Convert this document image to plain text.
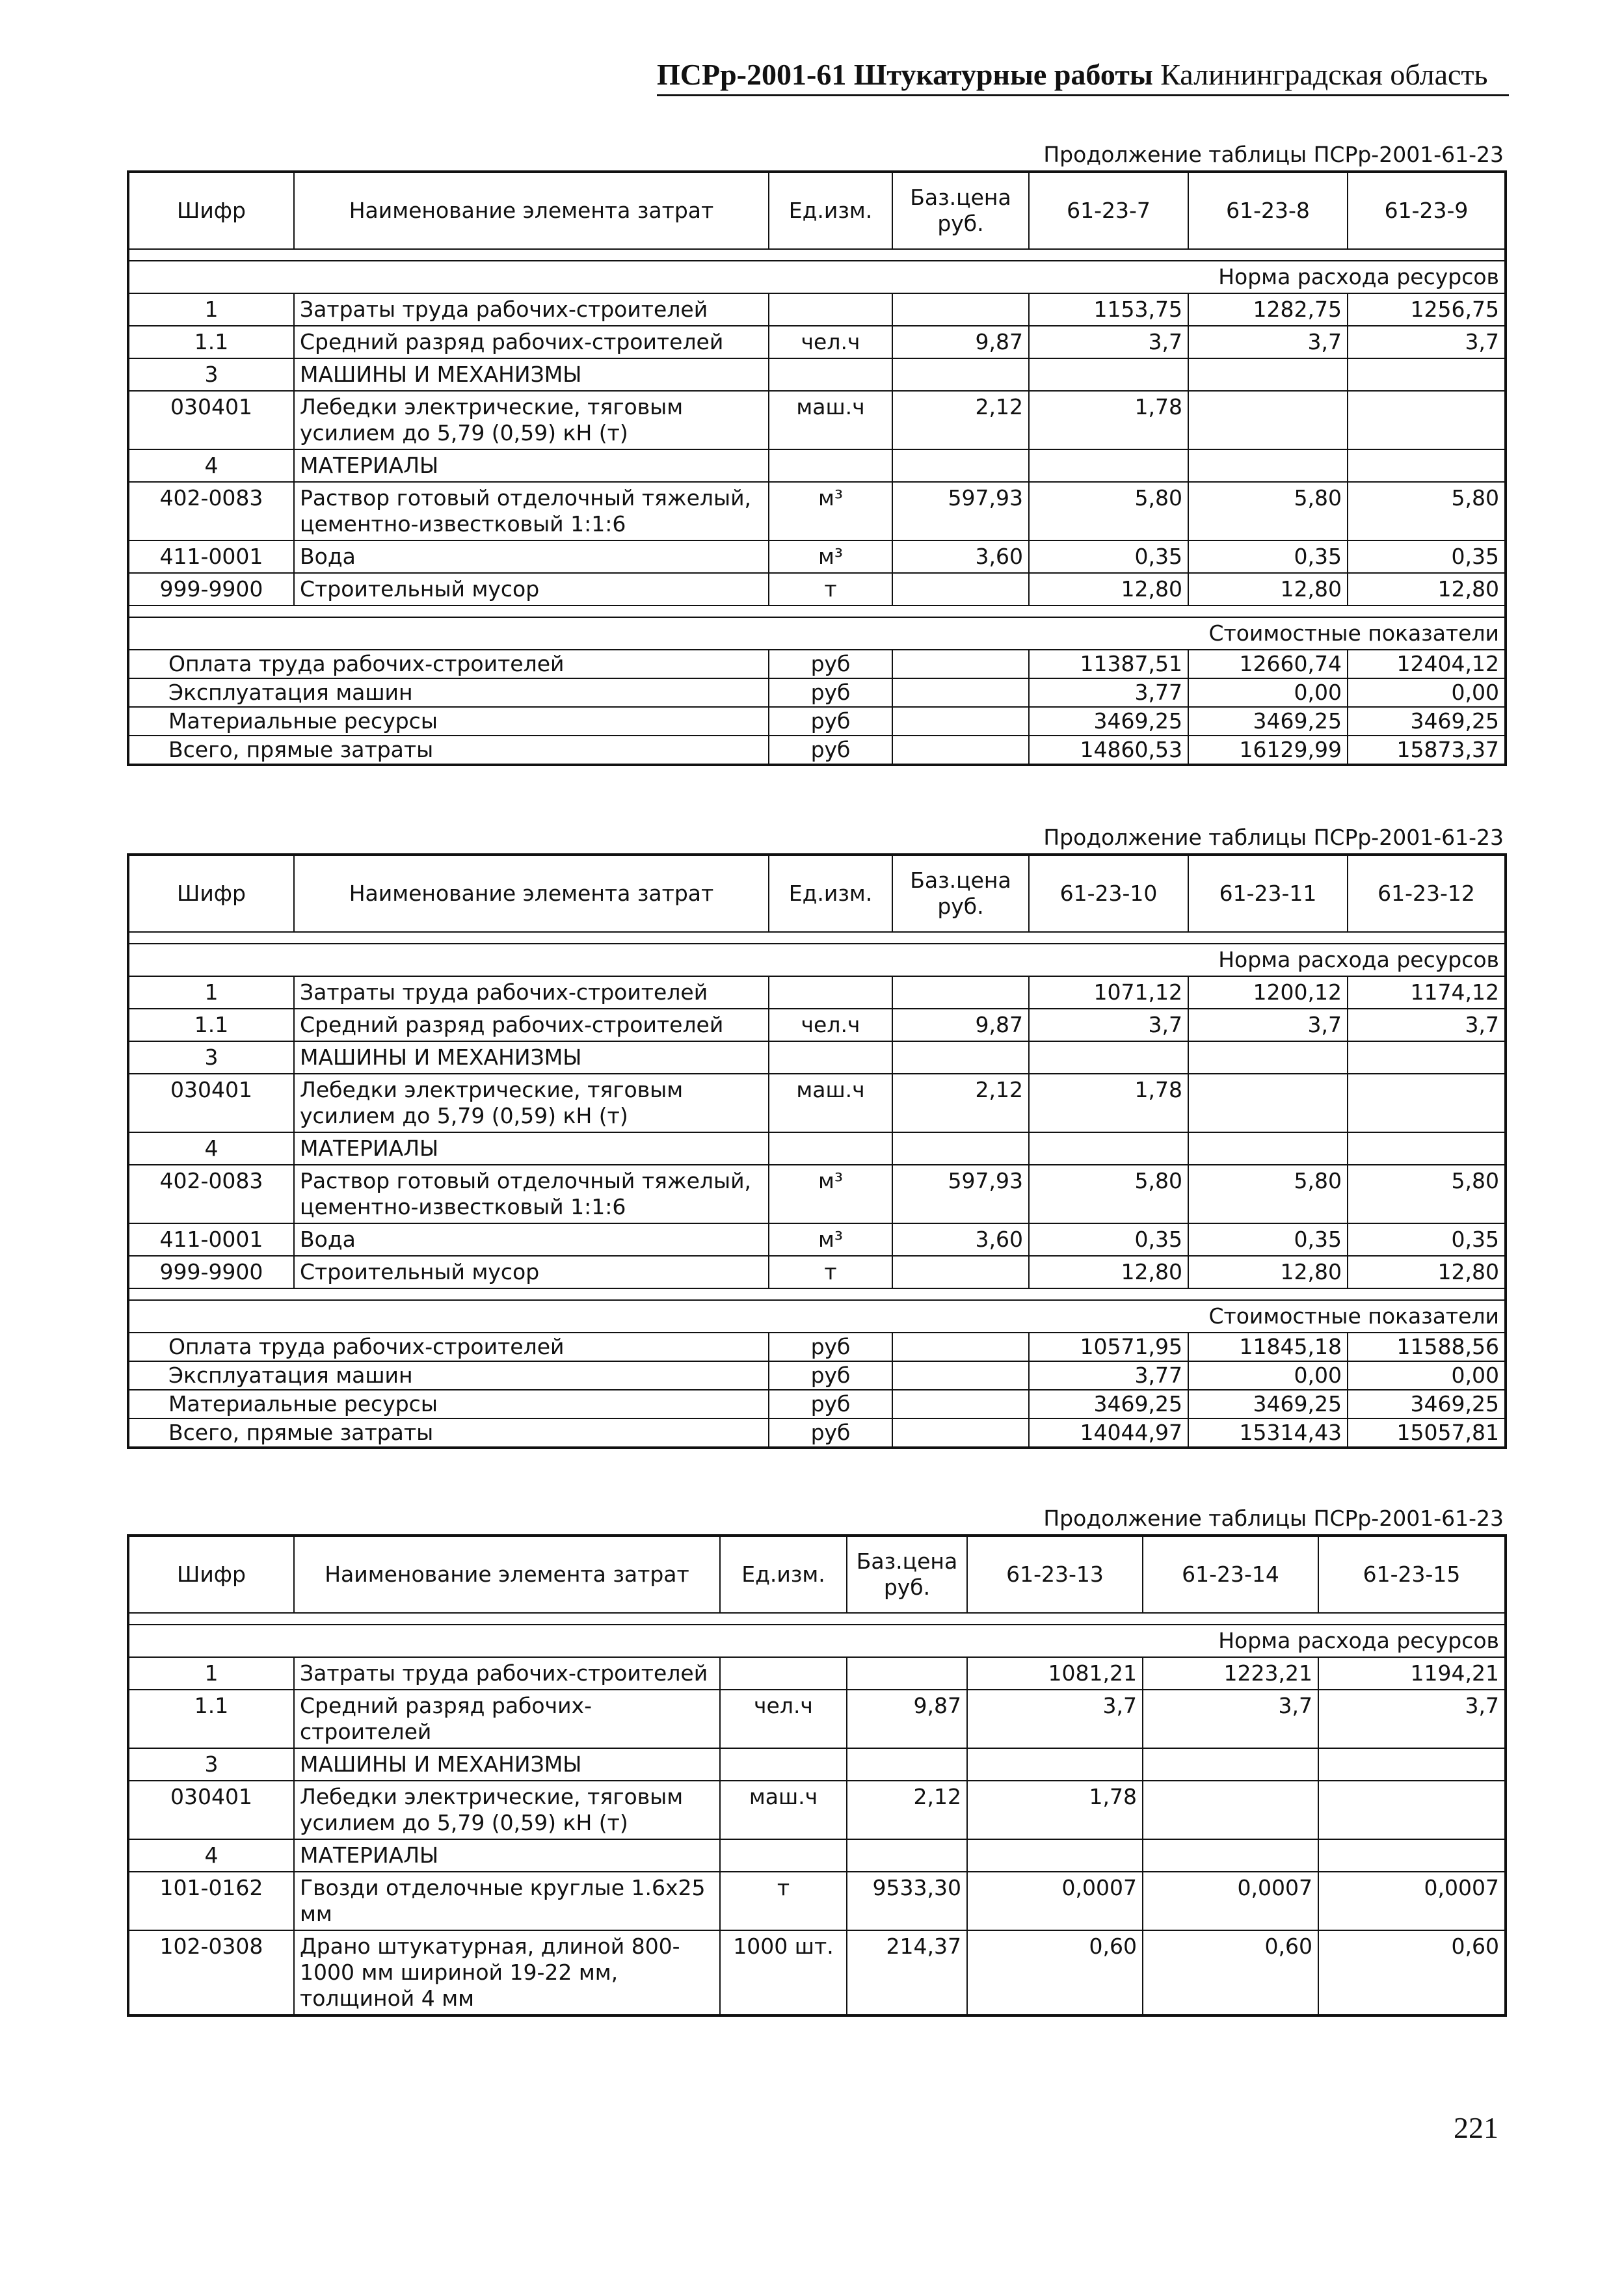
ПСРр-2001-61 Штукатурные работы Калининградская область
Продолжение таблицы ПСРр-2001-61-23
Шифр	Наименование элемента затрат	Ед.изм.	Баз.цена руб.	61-23-7	61-23-8	61-23-9

				Норма расхода ресурсов		
1	Затраты труда рабочих-строителей			1153,75	1282,75	1256,75
1.1	Средний разряд рабочих-строителей	чел.ч	9,87	3,7	3,7	3,7
3	МАШИНЫ И МЕХАНИЗМЫ					
030401	Лебедки электрические, тяговым усилием до 5,79 (0,59) кН (т)	маш.ч	2,12	1,78		
4	МАТЕРИАЛЫ					
402-0083	Раствор готовый отделочный тяжелый, цементно-известковый 1:1:6	м³	597,93	5,80	5,80	5,80
411-0001	Вода	м³	3,60	0,35	0,35	0,35
999-9900	Строительный мусор	т		12,80	12,80	12,80

				Стоимостные показатели		
Оплата труда рабочих-строителей		руб		11387,51	12660,74	12404,12
Эксплуатация машин		руб		3,77	0,00	0,00
Материальные ресурсы		руб		3469,25	3469,25	3469,25
Всего, прямые затраты		руб		14860,53	16129,99	15873,37
Продолжение таблицы ПСРр-2001-61-23
Шифр	Наименование элемента затрат	Ед.изм.	Баз.цена руб.	61-23-10	61-23-11	61-23-12

				Норма расхода ресурсов		
1	Затраты труда рабочих-строителей			1071,12	1200,12	1174,12
1.1	Средний разряд рабочих-строителей	чел.ч	9,87	3,7	3,7	3,7
3	МАШИНЫ И МЕХАНИЗМЫ					
030401	Лебедки электрические, тяговым усилием до 5,79 (0,59) кН (т)	маш.ч	2,12	1,78		
4	МАТЕРИАЛЫ					
402-0083	Раствор готовый отделочный тяжелый, цементно-известковый 1:1:6	м³	597,93	5,80	5,80	5,80
411-0001	Вода	м³	3,60	0,35	0,35	0,35
999-9900	Строительный мусор	т		12,80	12,80	12,80

				Стоимостные показатели		
Оплата труда рабочих-строителей		руб		10571,95	11845,18	11588,56
Эксплуатация машин		руб		3,77	0,00	0,00
Материальные ресурсы		руб		3469,25	3469,25	3469,25
Всего, прямые затраты		руб		14044,97	15314,43	15057,81
Продолжение таблицы ПСРр-2001-61-23
Шифр	Наименование элемента затрат	Ед.изм.	Баз.цена руб.	61-23-13	61-23-14	61-23-15

				Норма расхода ресурсов		
1	Затраты труда рабочих-строителей			1081,21	1223,21	1194,21
1.1	Средний разряд рабочих-строителей	чел.ч	9,87	3,7	3,7	3,7
3	МАШИНЫ И МЕХАНИЗМЫ					
030401	Лебедки электрические, тяговым усилием до 5,79 (0,59) кН (т)	маш.ч	2,12	1,78		
4	МАТЕРИАЛЫ					
101-0162	Гвозди отделочные круглые 1.6x25 мм	т	9533,30	0,0007	0,0007	0,0007
102-0308	Драно штукатурная, длиной 800-1000 мм шириной 19-22 мм, толщиной 4 мм	1000 шт.	214,37	0,60	0,60	0,60
221
